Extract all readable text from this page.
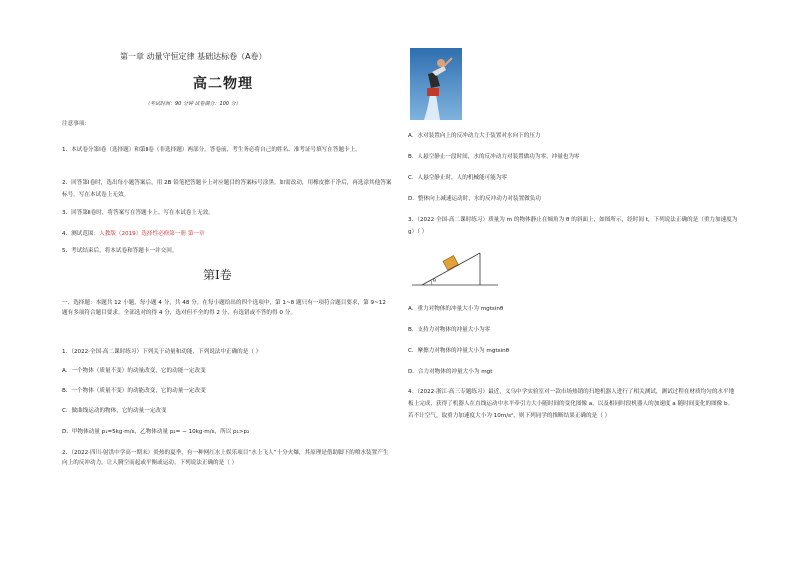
第一章 动量守恒定律 基础达标卷（A卷）
高二物理
（考试时间：90 分钟 试卷满分：100 分）
注意事项：
1．本试卷分第Ⅰ卷（选择题）和第Ⅱ卷（非选择题）两部分。答卷前，考生务必将自己的姓名、准考证号填写在答题卡上。
2．回答第Ⅰ卷时，选出每小题答案后，用 2B 铅笔把答题卡上对应题目的答案标号涂黑。如需改动，用橡皮擦干净后，再选涂其他答案标号。写在本试卷上无效。
3．回答第Ⅱ卷时，将答案写在答题卡上。写在本试卷上无效。
4．测试范围：人教版（2019）选择性必修第一册 第一章
5．考试结束后，将本试卷和答题卡一并交回。
第Ⅰ卷
一、选择题：本题共 12 小题，每小题 4 分，共 48 分。在每小题给出的四个选项中，第 1~8 题只有一项符合题目要求，第 9~12 题有多项符合题目要求。全部选对的得 4 分，选对但不全的得 2 分，有选错或不答的得 0 分。
1．（2022·全国·高二课时练习）下列关于动量和动能，下列说法中正确的是（ ）
A．一个物体（质量不变）的动量改变，它的动能一定改变
B．一个物体（质量不变）的动能改变，它的动量一定改变
C．做曲线运动的物体，它的动量一定改变
D．甲物体动量 p₁=5kg·m/s，乙物体动量 p₂= − 10kg·m/s，所以 p₁>p₂
2．（2022·四川·射洪中学高一期末）炎热的夏季，有一种网红水上娱乐项目“水上飞人”十分火爆，其原理是借助脚下的喷水装置产生向上的反冲动力，让人腾空而起或平衡或运动。下列说法正确的是（ ）
A．水对装置向上的反冲动力大于装置对水向下的压力
B．人悬空静止一段时间，水的反冲动力对装置做功为零，冲量也为零
C．人悬空静止时，人的机械能可能为零
D．整体向上减速运动时，水的反冲动力对装置做负功
3．（2022·全国·高二课时练习）质量为 m 的物体静止在倾角为 θ 的斜面上，如图所示，经时间 t，下列说法正确的是（重力加速度为 g）（ ）
θ
A．重力对物体的冲量大小为 mgtsinθ
B．支持力对物体的冲量大小为零
C．摩擦力对物体的冲量大小为 mgtsinθ
D．合力对物体的冲量大小为 mgt
4．（2022·浙江·高三专题练习）最近，义乌中学实验室对一款市场热销的扫地机器人进行了相关测试，测试过程在材质均匀的水平地板上完成，获得了机器人在直线运动中水平牵引力大小随时间的变化图像 a，以及相同时段机器人的加速度 a 随时间变化的图像 b。若不计空气，取重力加速度大小为 10m/s²，则下列同学的推断结果正确的是（ ）
